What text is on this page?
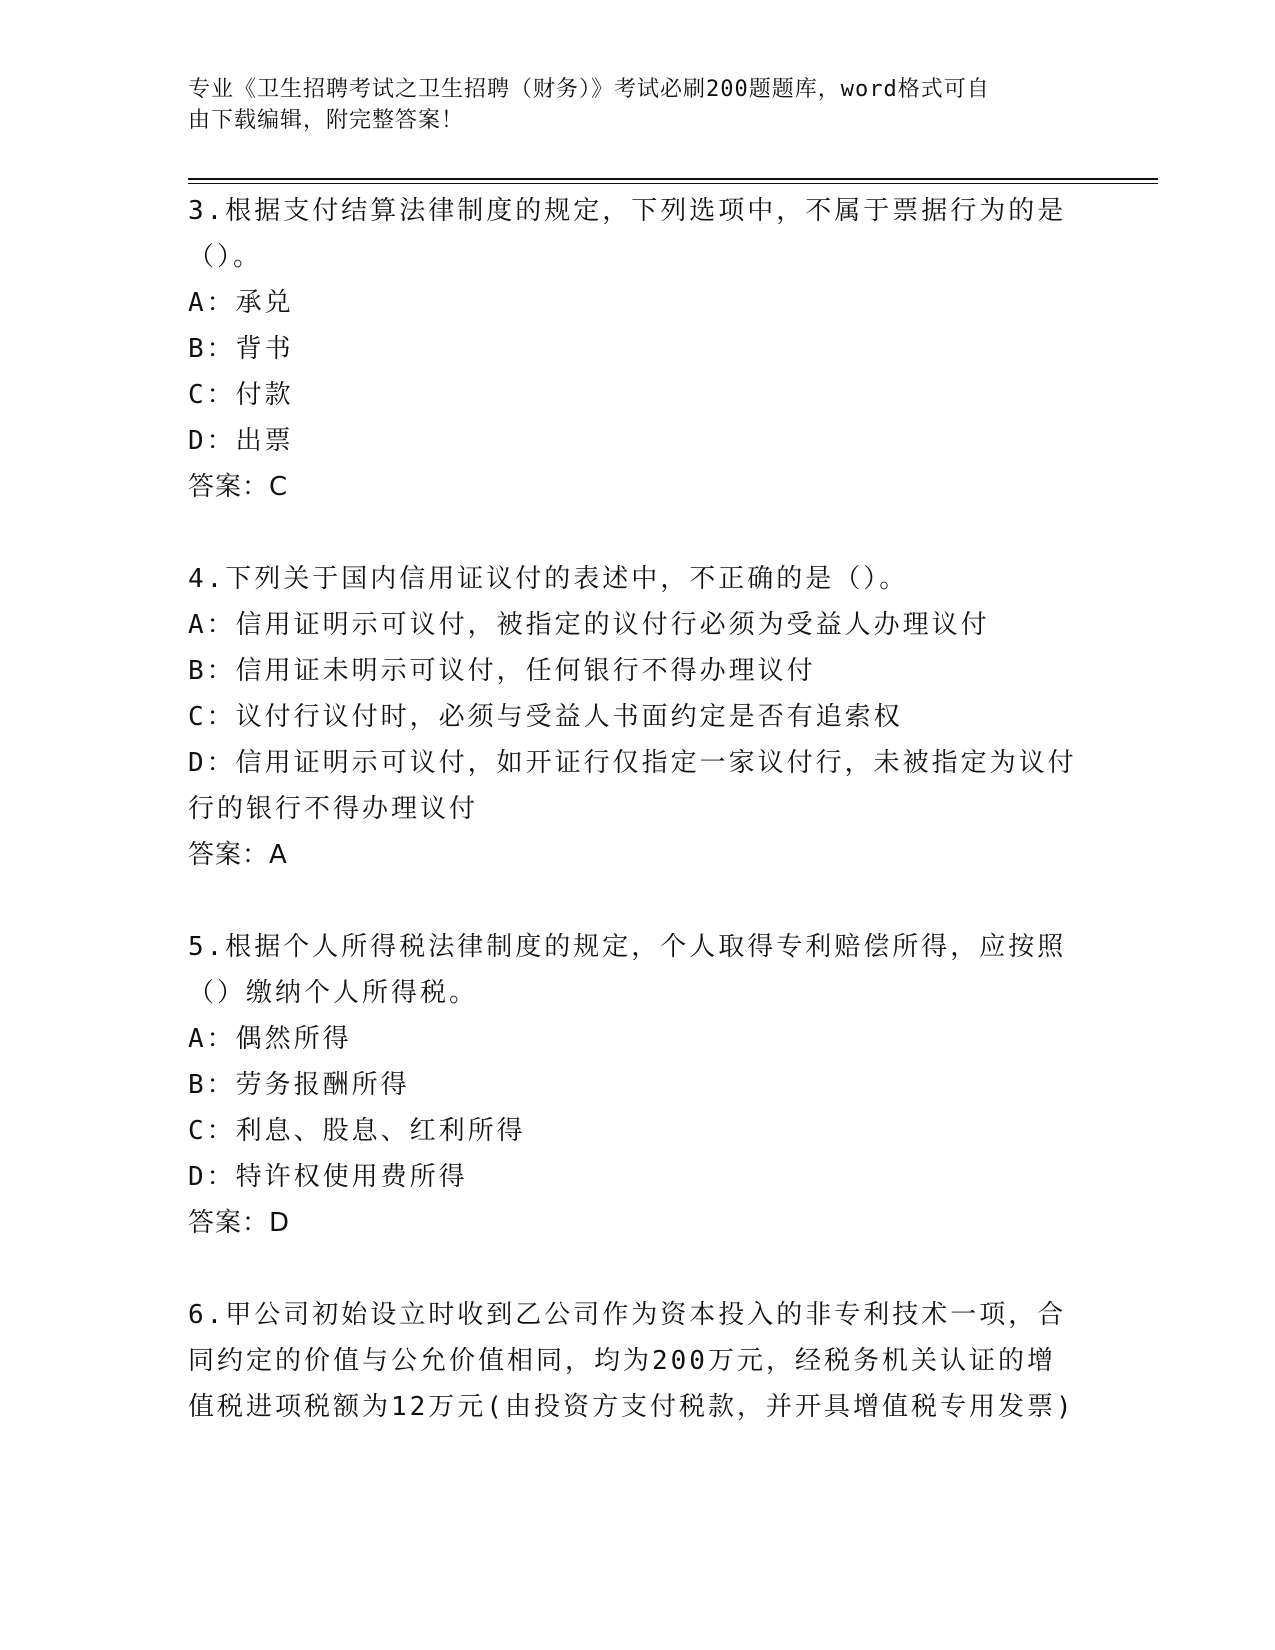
专业《卫生招聘考试之卫生招聘（财务）》考试必刷200题题库，word格式可自
由下载编辑，附完整答案！
3.根据支付结算法律制度的规定，下列选项中，不属于票据行为的是
（）。
A：承兑
B：背书
C：付款
D：出票
答案：C
4.下列关于国内信用证议付的表述中，不正确的是（）。
A：信用证明示可议付，被指定的议付行必须为受益人办理议付
B：信用证未明示可议付，任何银行不得办理议付
C：议付行议付时，必须与受益人书面约定是否有追索权
D：信用证明示可议付，如开证行仅指定一家议付行，未被指定为议付
行的银行不得办理议付
答案：A
5.根据个人所得税法律制度的规定，个人取得专利赔偿所得，应按照
（）缴纳个人所得税。
A：偶然所得
B：劳务报酬所得
C：利息、股息、红利所得
D：特许权使用费所得
答案：D
6.甲公司初始设立时收到乙公司作为资本投入的非专利技术一项，合
同约定的价值与公允价值相同，均为200万元，经税务机关认证的增
值税进项税额为12万元(由投资方支付税款，并开具增值税专用发票)
